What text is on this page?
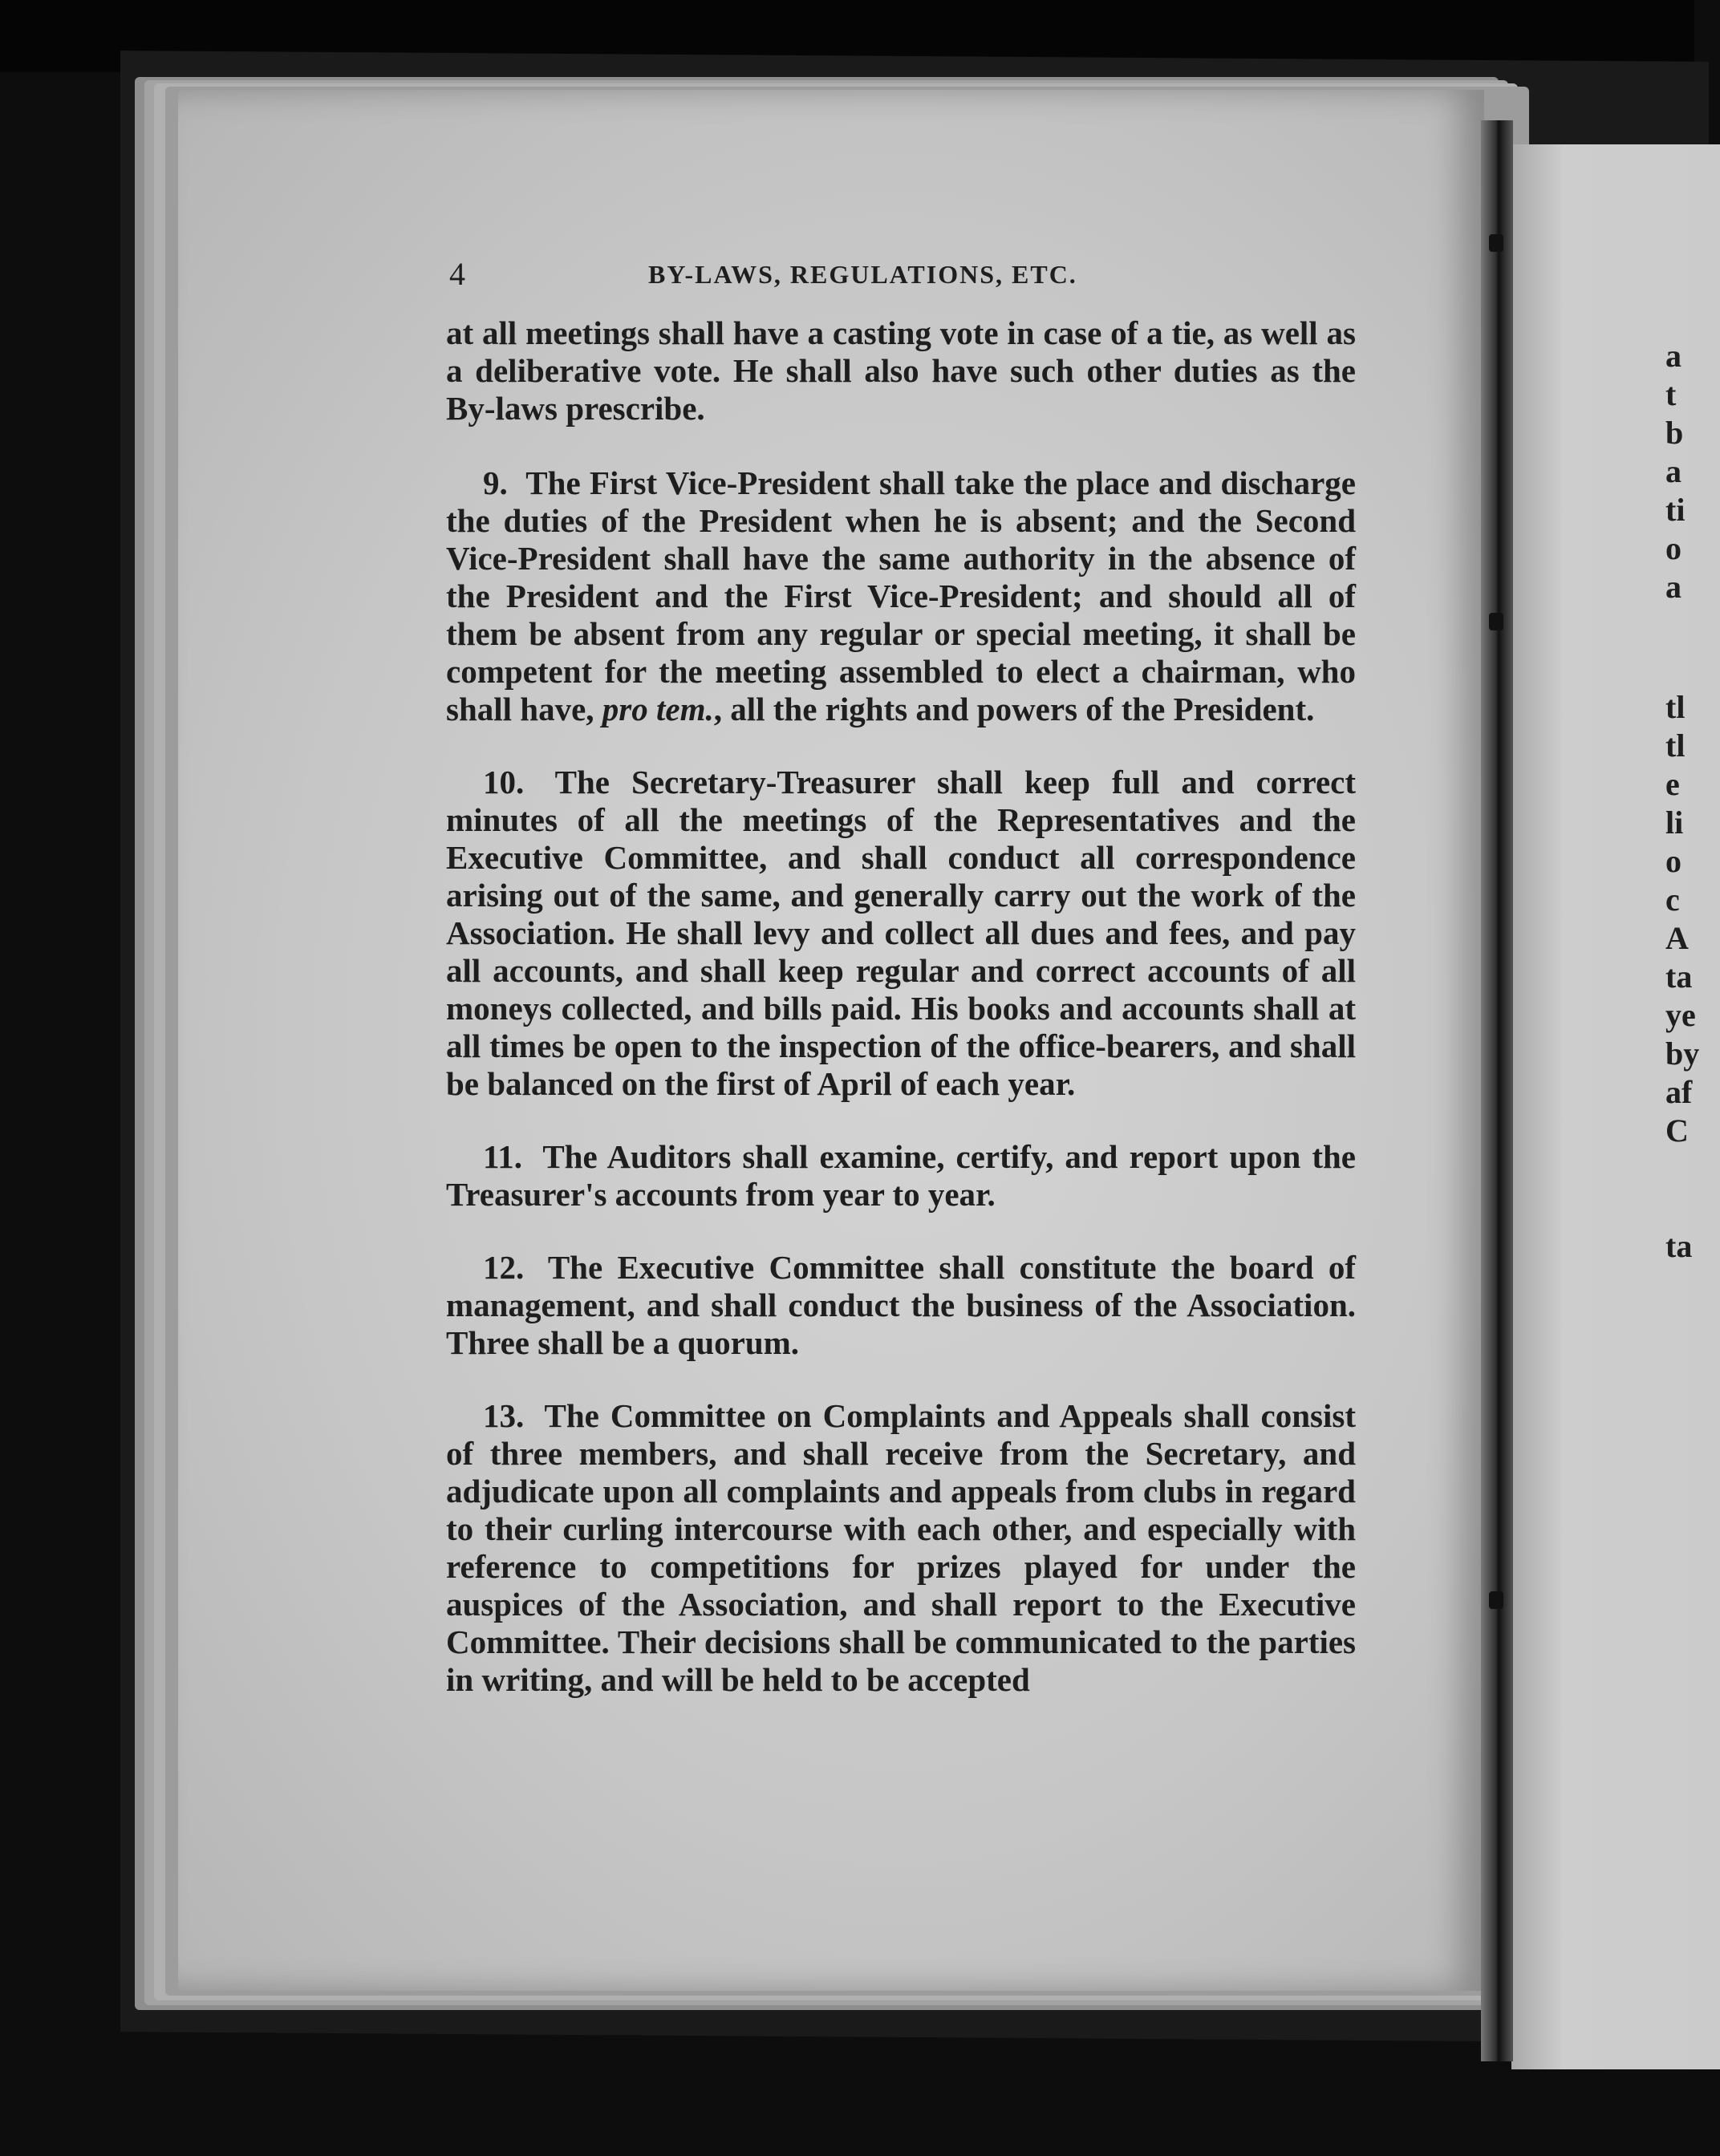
4	BY-LAWS, REGULATIONS, ETC.

at all meetings shall have a casting vote in case of a tie, as well as a deliberative vote. He shall also have such other duties as the By-laws prescribe.

9. The First Vice-President shall take the place and discharge the duties of the President when he is absent; and the Second Vice-President shall have the same authority in the absence of the President and the First Vice-President; and should all of them be absent from any regular or special meeting, it shall be competent for the meeting assembled to elect a chairman, who shall have, pro tem., all the rights and powers of the President.

10. The Secretary-Treasurer shall keep full and correct minutes of all the meetings of the Representatives and the Executive Committee, and shall conduct all correspondence arising out of the same, and generally carry out the work of the Association. He shall levy and collect all dues and fees, and pay all accounts, and shall keep regular and correct accounts of all moneys collected, and bills paid. His books and accounts shall at all times be open to the inspection of the office-bearers, and shall be balanced on the first of April of each year.

11. The Auditors shall examine, certify, and report upon the Treasurer's accounts from year to year.

12. The Executive Committee shall constitute the board of management, and shall conduct the business of the Association. Three shall be a quorum.

13. The Committee on Complaints and Appeals shall consist of three members, and shall receive from the Secretary, and adjudicate upon all complaints and appeals from clubs in regard to their curling intercourse with each other, and especially with reference to competitions for prizes played for under the auspices of the Association, and shall report to the Executive Committee. Their decisions shall be communicated to the parties in writing, and will be held to be accepted

a
t
b
a
ti
o
a
tl
tl
e
li
o
c
A
ta
ye
by
af
C
ta
